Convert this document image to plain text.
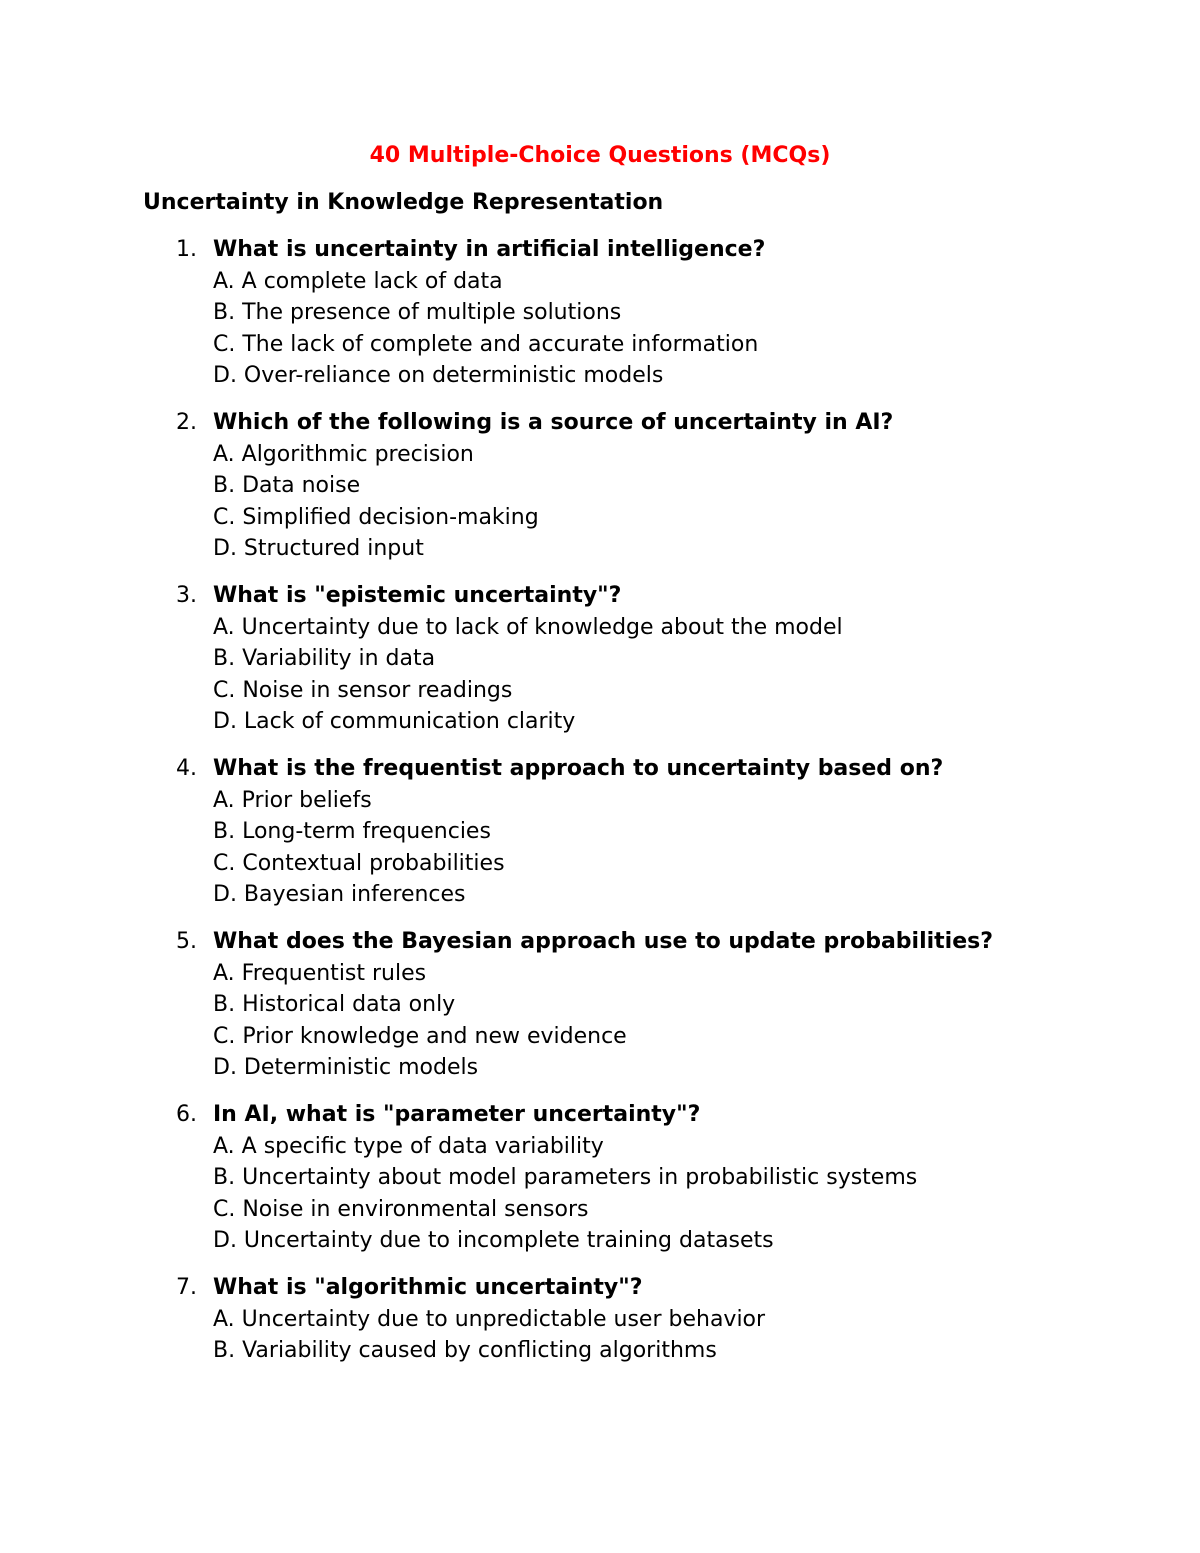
40 Multiple-Choice Questions (MCQs)
Uncertainty in Knowledge Representation
1. What is uncertainty in artificial intelligence?
A. A complete lack of data
B. The presence of multiple solutions
C. The lack of complete and accurate information
D. Over-reliance on deterministic models
2. Which of the following is a source of uncertainty in AI?
A. Algorithmic precision
B. Data noise
C. Simplified decision-making
D. Structured input
3. What is "epistemic uncertainty"?
A. Uncertainty due to lack of knowledge about the model
B. Variability in data
C. Noise in sensor readings
D. Lack of communication clarity
4. What is the frequentist approach to uncertainty based on?
A. Prior beliefs
B. Long-term frequencies
C. Contextual probabilities
D. Bayesian inferences
5. What does the Bayesian approach use to update probabilities?
A. Frequentist rules
B. Historical data only
C. Prior knowledge and new evidence
D. Deterministic models
6. In AI, what is "parameter uncertainty"?
A. A specific type of data variability
B. Uncertainty about model parameters in probabilistic systems
C. Noise in environmental sensors
D. Uncertainty due to incomplete training datasets
7. What is "algorithmic uncertainty"?
A. Uncertainty due to unpredictable user behavior
B. Variability caused by conflicting algorithms
